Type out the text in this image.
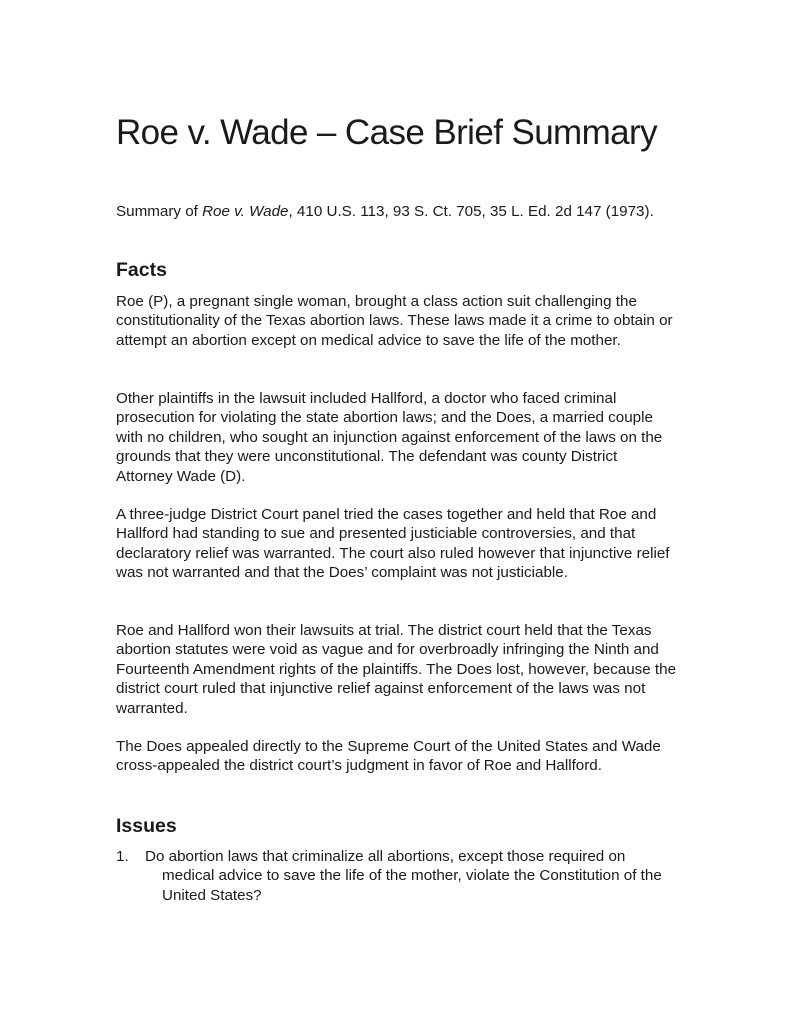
Roe v. Wade – Case Brief Summary

Summary of Roe v. Wade, 410 U.S. 113, 93 S. Ct. 705, 35 L. Ed. 2d 147 (1973).

Facts

Roe (P), a pregnant single woman, brought a class action suit challenging the constitutionality of the Texas abortion laws. These laws made it a crime to obtain or attempt an abortion except on medical advice to save the life of the mother.

Other plaintiffs in the lawsuit included Hallford, a doctor who faced criminal prosecution for violating the state abortion laws; and the Does, a married couple with no children, who sought an injunction against enforcement of the laws on the grounds that they were unconstitutional. The defendant was county District Attorney Wade (D).

A three-judge District Court panel tried the cases together and held that Roe and Hallford had standing to sue and presented justiciable controversies, and that declaratory relief was warranted. The court also ruled however that injunctive relief was not warranted and that the Does’ complaint was not justiciable.

Roe and Hallford won their lawsuits at trial. The district court held that the Texas abortion statutes were void as vague and for overbroadly infringing the Ninth and Fourteenth Amendment rights of the plaintiffs. The Does lost, however, because the district court ruled that injunctive relief against enforcement of the laws was not warranted.

The Does appealed directly to the Supreme Court of the United States and Wade cross-appealed the district court’s judgment in favor of Roe and Hallford.

Issues
1. Do abortion laws that criminalize all abortions, except those required on
medical advice to save the life of the mother, violate the Constitution of the United States?
